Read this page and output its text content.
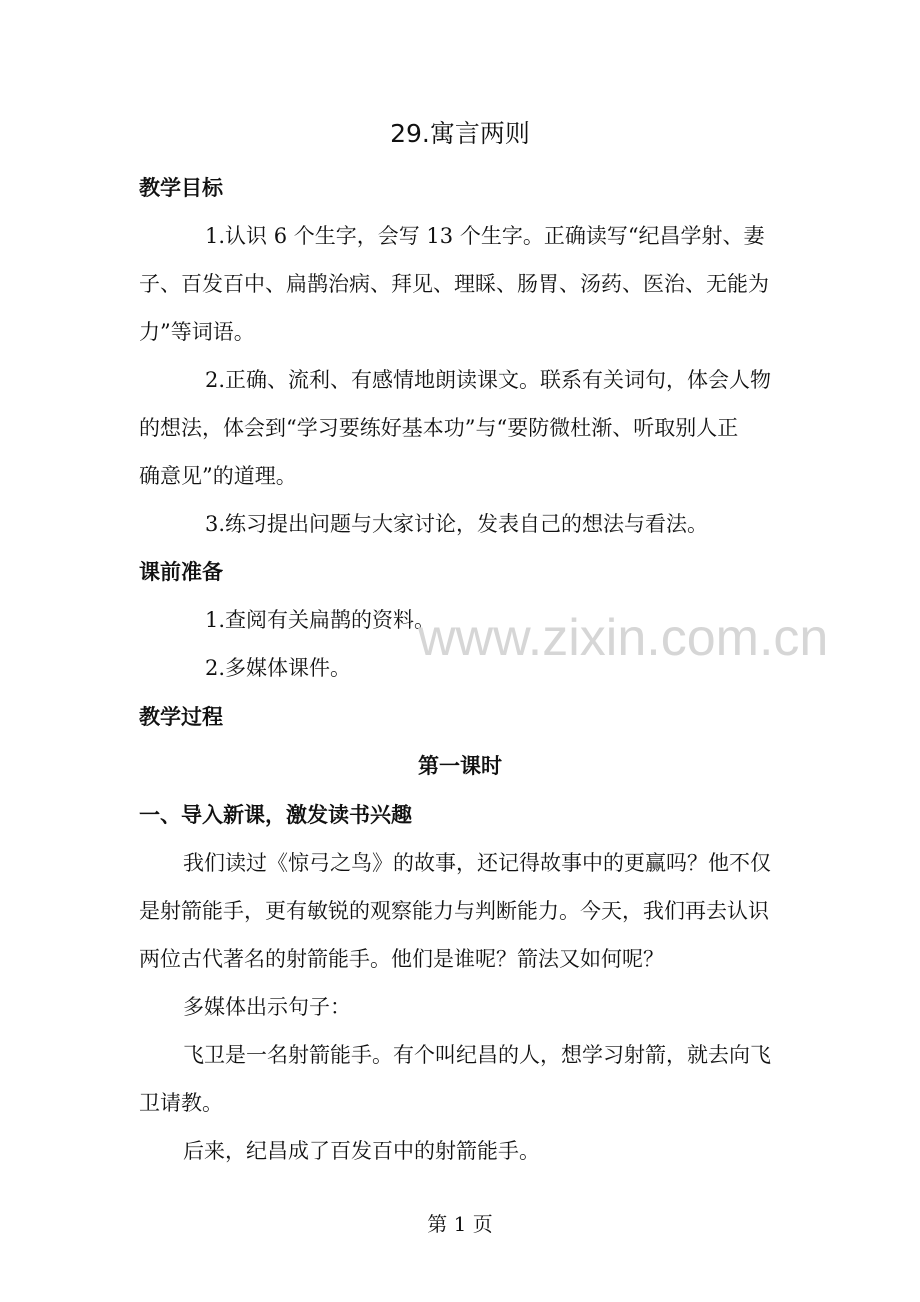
29.寓言两则
教学目标
1.认识 6 个生字，会写 13 个生字。正确读写“纪昌学射、妻
子、百发百中、扁鹊治病、拜见、理睬、肠胃、汤药、医治、无能为
力”等词语。
2.正确、流利、有感情地朗读课文。联系有关词句，体会人物
的想法，体会到“学习要练好基本功”与“要防微杜渐、听取别人正
确意见”的道理。
3.练习提出问题与大家讨论，发表自己的想法与看法。
课前准备
1.查阅有关扁鹊的资料。
2.多媒体课件。
教学过程
第一课时
一、导入新课，激发读书兴趣
我们读过《惊弓之鸟》的故事，还记得故事中的更赢吗？他不仅
是射箭能手，更有敏锐的观察能力与判断能力。今天，我们再去认识
两位古代著名的射箭能手。他们是谁呢？箭法又如何呢？
多媒体出示句子：
飞卫是一名射箭能手。有个叫纪昌的人，想学习射箭，就去向飞
卫请教。
后来，纪昌成了百发百中的射箭能手。
www.zixin.com.cn
第 1 页
